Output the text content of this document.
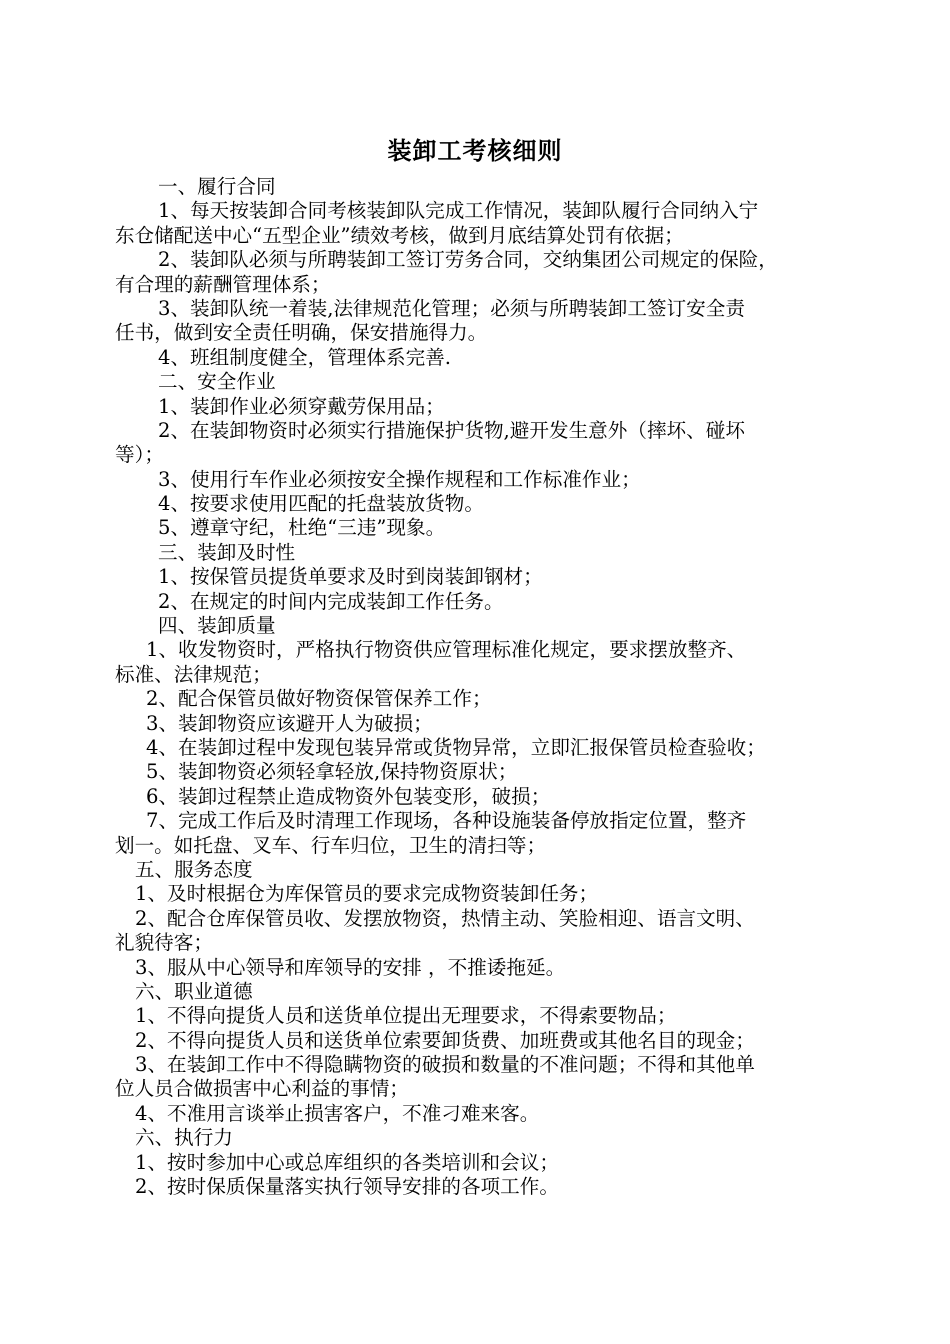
装卸工考核细则
一、履行合同
1、每天按装卸合同考核装卸队完成工作情况，装卸队履行合同纳入宁
东仓储配送中心“五型企业”绩效考核，做到月底结算处罚有依据；
2、装卸队必须与所聘装卸工签订劳务合同，交纳集团公司规定的保险，
有合理的薪酬管理体系；
3、装卸队统一着装,法律规范化管理；必须与所聘装卸工签订安全责
任书，做到安全责任明确，保安措施得力。
4、班组制度健全，管理体系完善.
二、安全作业
1、装卸作业必须穿戴劳保用品；
2、在装卸物资时必须实行措施保护货物,避开发生意外（摔坏、碰坏
等）；
3、使用行车作业必须按安全操作规程和工作标准作业；
4、按要求使用匹配的托盘装放货物。
5、遵章守纪，杜绝“三违”现象。
三、装卸及时性
1、按保管员提货单要求及时到岗装卸钢材；
2、在规定的时间内完成装卸工作任务。
四、装卸质量
1、收发物资时，严格执行物资供应管理标准化规定，要求摆放整齐、
标准、法律规范；
2、配合保管员做好物资保管保养工作；
3、装卸物资应该避开人为破损；
4、在装卸过程中发现包装异常或货物异常，立即汇报保管员检查验收；
5、装卸物资必须轻拿轻放,保持物资原状；
6、装卸过程禁止造成物资外包装变形，破损；
7、完成工作后及时清理工作现场，各种设施装备停放指定位置，整齐
划一。如托盘、叉车、行车归位，卫生的清扫等；
五、服务态度
1、及时根据仓为库保管员的要求完成物资装卸任务；
2、配合仓库保管员收、发摆放物资，热情主动、笑脸相迎、语言文明、
礼貌待客；
3、服从中心领导和库领导的安排 ，不推诿拖延。
六、职业道德
1、不得向提货人员和送货单位提出无理要求，不得索要物品；
2、不得向提货人员和送货单位索要卸货费、加班费或其他名目的现金；
3、在装卸工作中不得隐瞒物资的破损和数量的不准问题；不得和其他单
位人员合做损害中心利益的事情；
4、不准用言谈举止损害客户，不准刁难来客。
六、执行力
1、按时参加中心或总库组织的各类培训和会议；
2、按时保质保量落实执行领导安排的各项工作。
